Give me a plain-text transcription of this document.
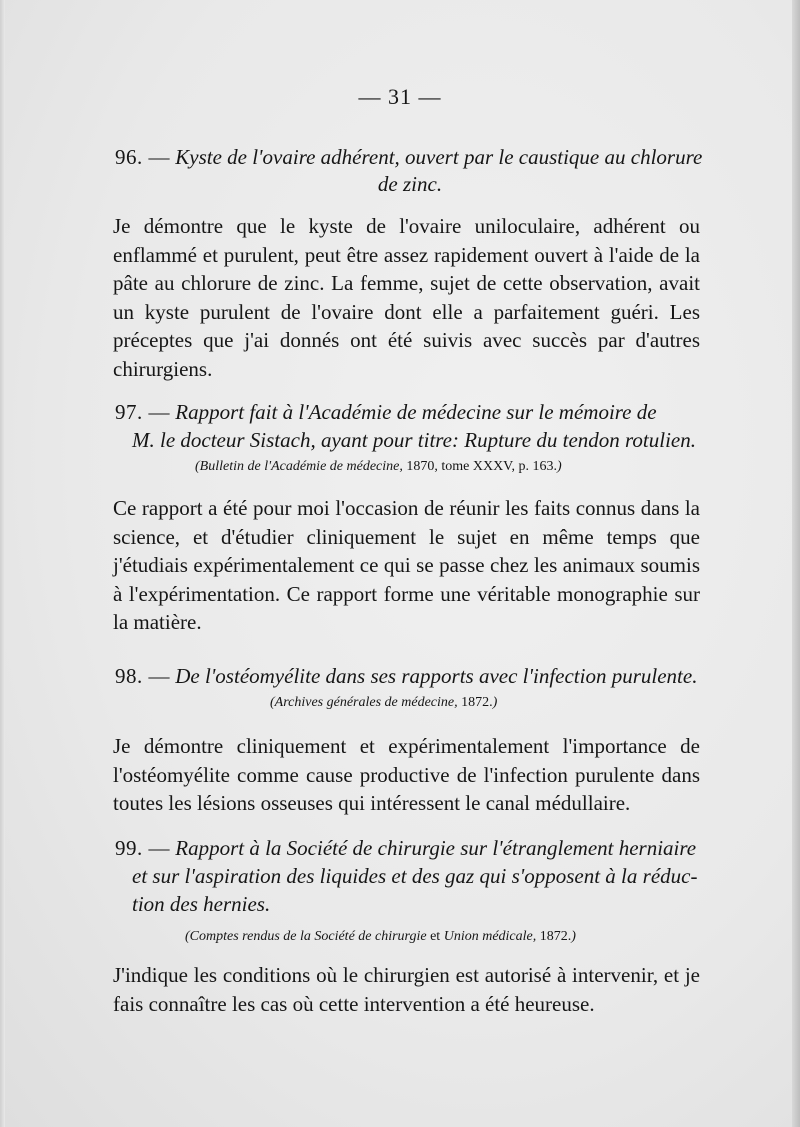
— 31 —
96. — Kyste de l'ovaire adhérent, ouvert par le caustique au chlorure
de zinc.
Je démontre que le kyste de l'ovaire uniloculaire, adhérent ou enflammé et purulent, peut être assez rapidement ouvert à l'aide de la pâte au chlorure de zinc. La femme, sujet de cette observation, avait un kyste purulent de l'ovaire dont elle a parfaitement guéri. Les préceptes que j'ai donnés ont été suivis avec succès par d'autres chirurgiens.
97. — Rapport fait à l'Académie de médecine sur le mémoire de
M. le docteur Sistach, ayant pour titre: Rupture du tendon rotulien.
(Bulletin de l'Académie de médecine, 1870, tome XXXV, p. 163.)
Ce rapport a été pour moi l'occasion de réunir les faits connus dans la science, et d'étudier cliniquement le sujet en même temps que j'étudiais expérimentalement ce qui se passe chez les animaux soumis à l'expérimentation. Ce rapport forme une véritable monographie sur la matière.
98. — De l'ostéomyélite dans ses rapports avec l'infection purulente.
(Archives générales de médecine, 1872.)
Je démontre cliniquement et expérimentalement l'importance de l'ostéomyélite comme cause productive de l'infection purulente dans toutes les lésions osseuses qui intéressent le canal médullaire.
99. — Rapport à la Société de chirurgie sur l'étranglement herniaire
et sur l'aspiration des liquides et des gaz qui s'opposent à la réduc-
tion des hernies.
(Comptes rendus de la Société de chirurgie et Union médicale, 1872.)
J'indique les conditions où le chirurgien est autorisé à intervenir, et je fais connaître les cas où cette intervention a été heureuse.
